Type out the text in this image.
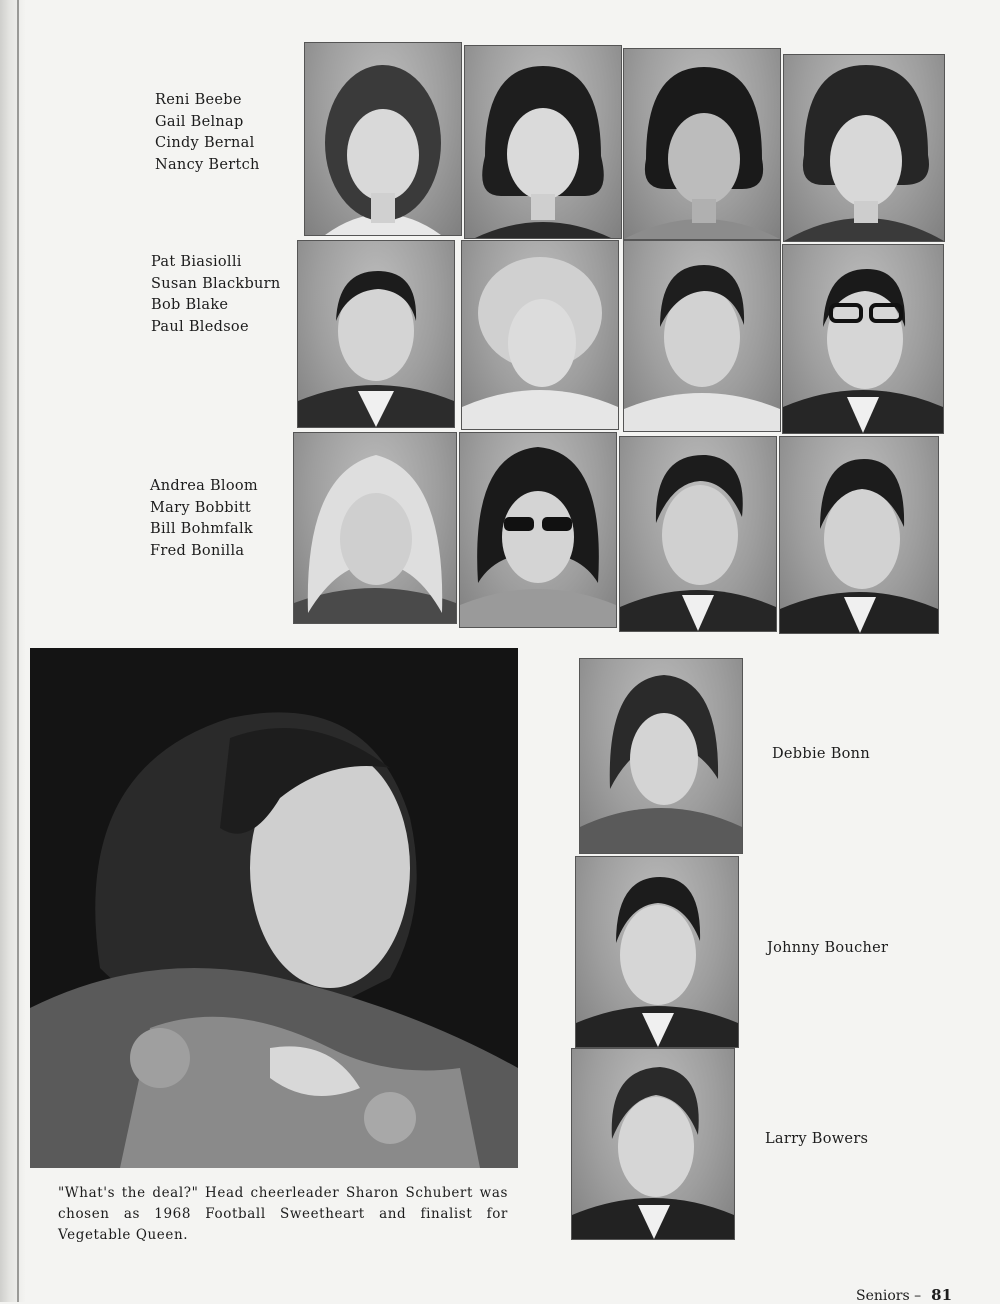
Reni Beebe
Gail Belnap
Cindy Bernal
Nancy Bertch
Pat Biasiolli
Susan Blackburn
Bob Blake
Paul Bledsoe
Andrea Bloom
Mary Bobbitt
Bill Bohmfalk
Fred Bonilla
"What's the deal?" Head cheerleader Sharon Schubert was chosen as 1968 Football Sweetheart and finalist for Vegetable Queen.
Debbie Bonn
Johnny Boucher
Larry Bowers
Seniors – 81
